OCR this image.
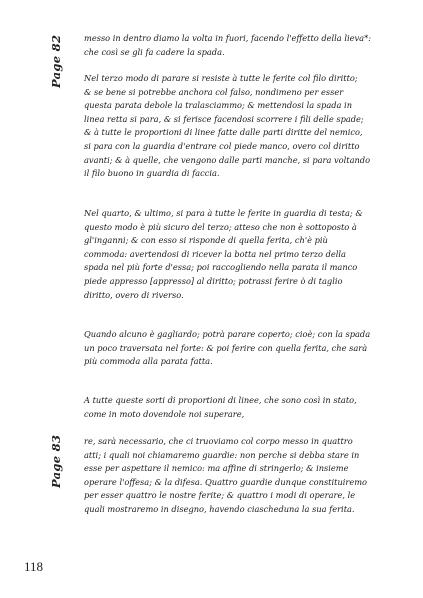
Page 82	messo in dentro diamo la volta in fuori, facendo l'effetto della lieva*: che così se gli fa cadere la spada.

Nel terzo modo di parare si resiste à tutte le ferite col filo diritto;
& se bene si potrebbe anchora col falso, nondimeno per esser questa parata debole la tralasciammo; & mettendosi la spada in linea retta si para, & si ferisce facendosi scorrere i fili delle spade; & à tutte le proportioni di linee fatte dalle parti diritte del nemico, si para con la guardia d'entrare col piede manco, overo col diritto avanti; & à quelle, che vengono dalle parti manche, si para voltando il filo buono in guardia di faccia.

Nel quarto, & ultimo, si para à tutte le ferite in guardia di testa; & questo modo è più sicuro del terzo; atteso che non è sottoposto à gl'inganni; & con esso si risponde di quella ferita, ch'è più commoda: avertendosi di ricever la botta nel primo terzo della spada nel più forte d'essa; poi raccogliendo nella parata il manco piede appresso [appresso] al diritto; potrassi ferire ò di taglio diritto, overo di riverso.

Quando alcuno è gagliardo; potrà parare coperto; cioè; con la spada un poco traversata nel forte: & poi ferire con quella ferita, che sarà più commoda alla parata fatta.

A tutte queste sorti di proportioni di linee, che sono così in stato, come in moto dovendole noi superare,

Page 83	re, sarà necessario, che ci truoviamo col corpo messo in quattro atti; i quali noi chiamaremo guardie: non perche si debba stare in esse per aspettare il nemico: ma affine di stringerlo; & insieme operare l'offesa; & la difesa. Quattro guardie dunque constituiremo per esser quattro le nostre ferite; & quattro i modi di operare, le quali mostraremo in disegno, havendo ciascheduna la sua ferita.

118
